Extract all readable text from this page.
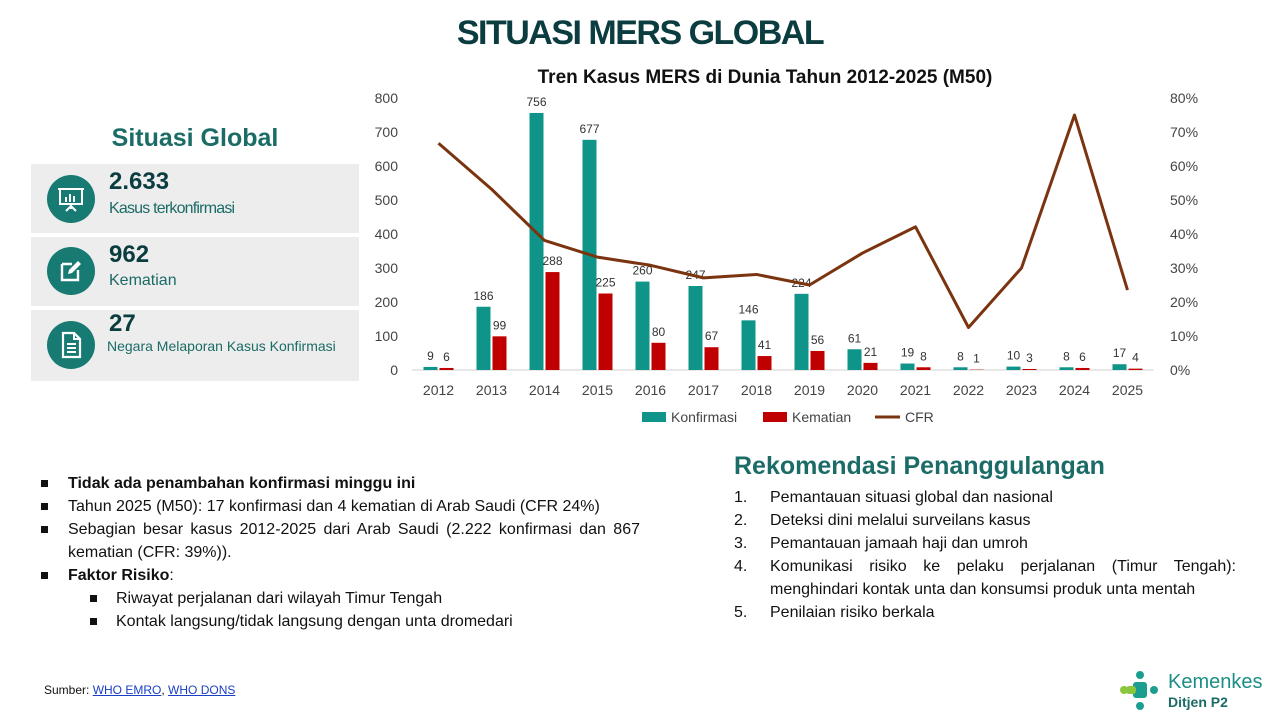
SITUASI MERS GLOBAL
Tren Kasus MERS di Dunia Tahun 2012-2025 (M50)
0
100
200
300
400
500
600
700
800
0%
10%
20%
30%
40%
50%
60%
70%
80%
9 6
2012
186
99
2013
756
288
2014
677
225
2015
260
80
2016
247
67
2017
146
41
2018
224
56
2019
61
21
2020
19 8
2021
8 1
2022
10 3
2023
8 6
2024
17 4
2025
Konfirmasi	Kematian	CFR
Situasi Global
2.633
Kasus terkonfirmasi
962
Kematian
27
Negara Melaporan Kasus Konfirmasi
Tidak ada penambahan konfirmasi minggu ini
Tahun 2025 (M50): 17 konfirmasi dan 4 kematian di Arab Saudi (CFR 24%)
Sebagian besar kasus 2012-2025 dari Arab Saudi (2.222 konfirmasi dan 867 kematian (CFR: 39%)).
Faktor Risiko:
Riwayat perjalanan dari wilayah Timur Tengah
Kontak langsung/tidak langsung dengan unta dromedari
Rekomendasi Penanggulangan
1. Pemantauan situasi global dan nasional
2. Deteksi dini melalui surveilans kasus
3. Pemantauan jamaah haji dan umroh
4. Komunikasi risiko ke pelaku perjalanan (Timur Tengah): menghindari kontak unta dan konsumsi produk unta mentah
5. Penilaian risiko berkala
Sumber: WHO EMRO, WHO DONS	Kemenkes
Ditjen P2
